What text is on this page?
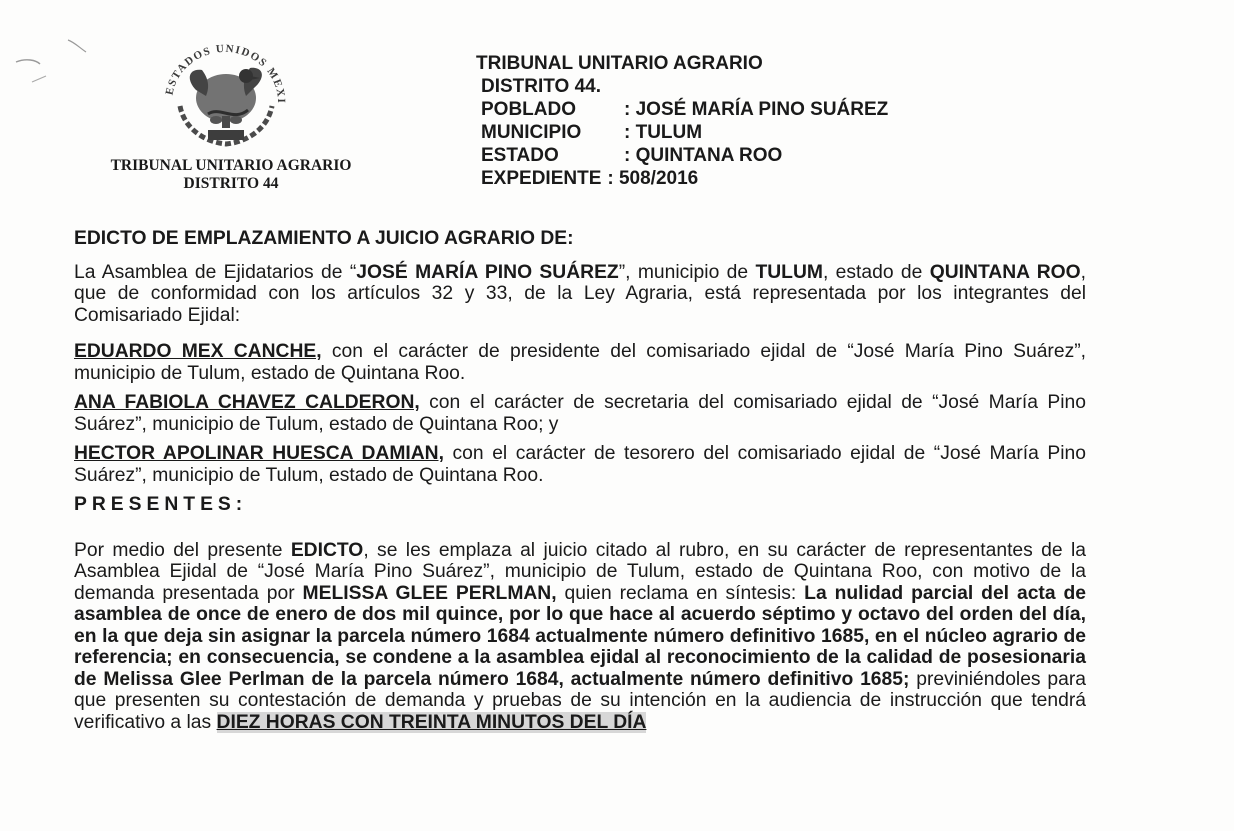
ESTADOS UNIDOS MEXI
TRIBUNAL UNITARIO AGRARIO
DISTRITO 44
TRIBUNAL UNITARIO AGRARIO
DISTRITO 44.
POBLADO	: JOSÉ MARÍA PINO SUÁREZ
MUNICIPIO	: TULUM
ESTADO	: QUINTANA ROO
EXPEDIENTE : 508/2016

EDICTO DE EMPLAZAMIENTO A JUICIO AGRARIO DE:

La Asamblea de Ejidatarios de “JOSÉ MARÍA PINO SUÁREZ”, municipio de TULUM, estado de QUINTANA ROO, que de conformidad con los artículos 32 y 33, de la Ley Agraria, está representada por los integrantes del Comisariado Ejidal:

EDUARDO MEX CANCHE, con el carácter de presidente del comisariado ejidal de “José María Pino Suárez”, municipio de Tulum, estado de Quintana Roo.

ANA FABIOLA CHAVEZ CALDERON, con el carácter de secretaria del comisariado ejidal de “José María Pino Suárez”, municipio de Tulum, estado de Quintana Roo; y

HECTOR APOLINAR HUESCA DAMIAN, con el carácter de tesorero del comisariado ejidal de “José María Pino Suárez”, municipio de Tulum, estado de Quintana Roo.

PRESENTES:

Por medio del presente EDICTO, se les emplaza al juicio citado al rubro, en su carácter de representantes de la Asamblea Ejidal de “José María Pino Suárez”, municipio de Tulum, estado de Quintana Roo, con motivo de la demanda presentada por MELISSA GLEE PERLMAN, quien reclama en síntesis: La nulidad parcial del acta de asamblea de once de enero de dos mil quince, por lo que hace al acuerdo séptimo y octavo del orden del día, en la que deja sin asignar la parcela número 1684 actualmente número definitivo 1685, en el núcleo agrario de referencia; en consecuencia, se condene a la asamblea ejidal al reconocimiento de la calidad de posesionaria de Melissa Glee Perlman de la parcela número 1684, actualmente número definitivo 1685; previniéndoles para que presenten su contestación de demanda y pruebas de su intención en la audiencia de instrucción que tendrá verificativo a las DIEZ HORAS CON TREINTA MINUTOS DEL DÍA
